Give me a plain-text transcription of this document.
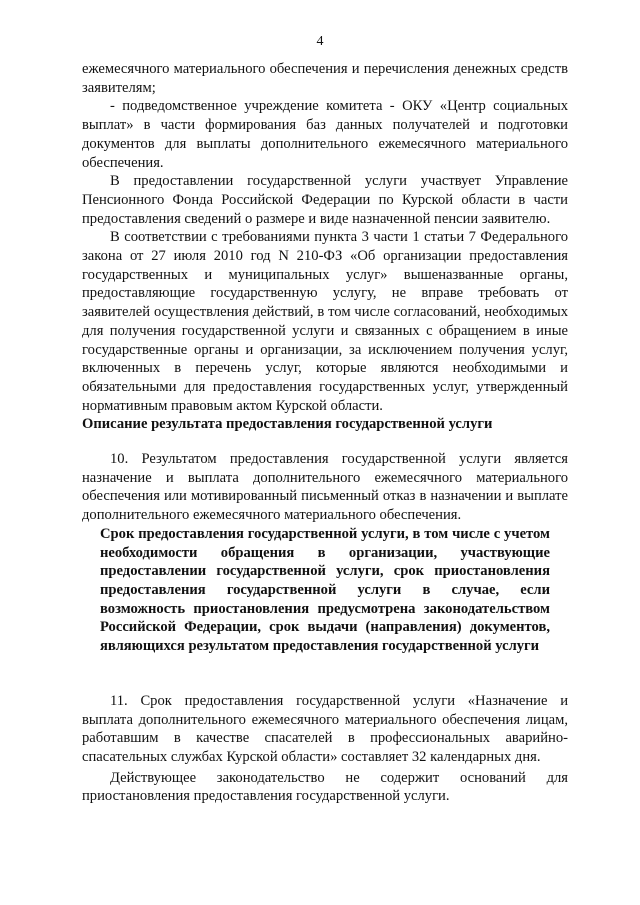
4

ежемесячного материального обеспечения и перечисления денежных средств заявителям;

- подведомственное учреждение комитета - ОКУ «Центр социальных выплат» в части формирования баз данных получателей и подготовки документов для выплаты дополнительного ежемесячного материального обеспечения.

В предоставлении государственной услуги участвует Управление Пенсионного Фонда Российской Федерации по Курской области в части предоставления сведений о размере и виде назначенной пенсии заявителю.

В соответствии с требованиями пункта 3 части 1 статьи 7 Федерального закона от 27 июля 2010 год N 210-ФЗ «Об организации предоставления государственных и муниципальных услуг» вышеназванные органы, предоставляющие государственную услугу, не вправе требовать от заявителей осуществления действий, в том числе согласований, необходимых для получения государственной услуги и связанных с обращением в иные государственные органы и организации, за исключением получения услуг, включенных в перечень услуг, которые являются необходимыми и обязательными для предоставления государственных услуг, утвержденный нормативным правовым актом Курской области.

Описание результата предоставления государственной услуги

10. Результатом предоставления государственной услуги является назначение и выплата дополнительного ежемесячного материального обеспечения или мотивированный письменный отказ в назначении и выплате дополнительного ежемесячного материального обеспечения.

Срок предоставления государственной услуги, в том числе с учетом необходимости обращения в организации, участвующие предоставлении государственной услуги, срок приостановления предоставления государственной услуги в случае, если возможность приостановления предусмотрена законодательством Российской Федерации, срок выдачи (направления) документов, являющихся результатом предоставления государственной услуги

11. Срок предоставления государственной услуги «Назначение и выплата дополнительного ежемесячного материального обеспечения лицам, работавшим в качестве спасателей в профессиональных аварийно-спасательных службах Курской области» составляет 32 календарных дня.

Действующее законодательство не содержит оснований для приостановления предоставления государственной услуги.
